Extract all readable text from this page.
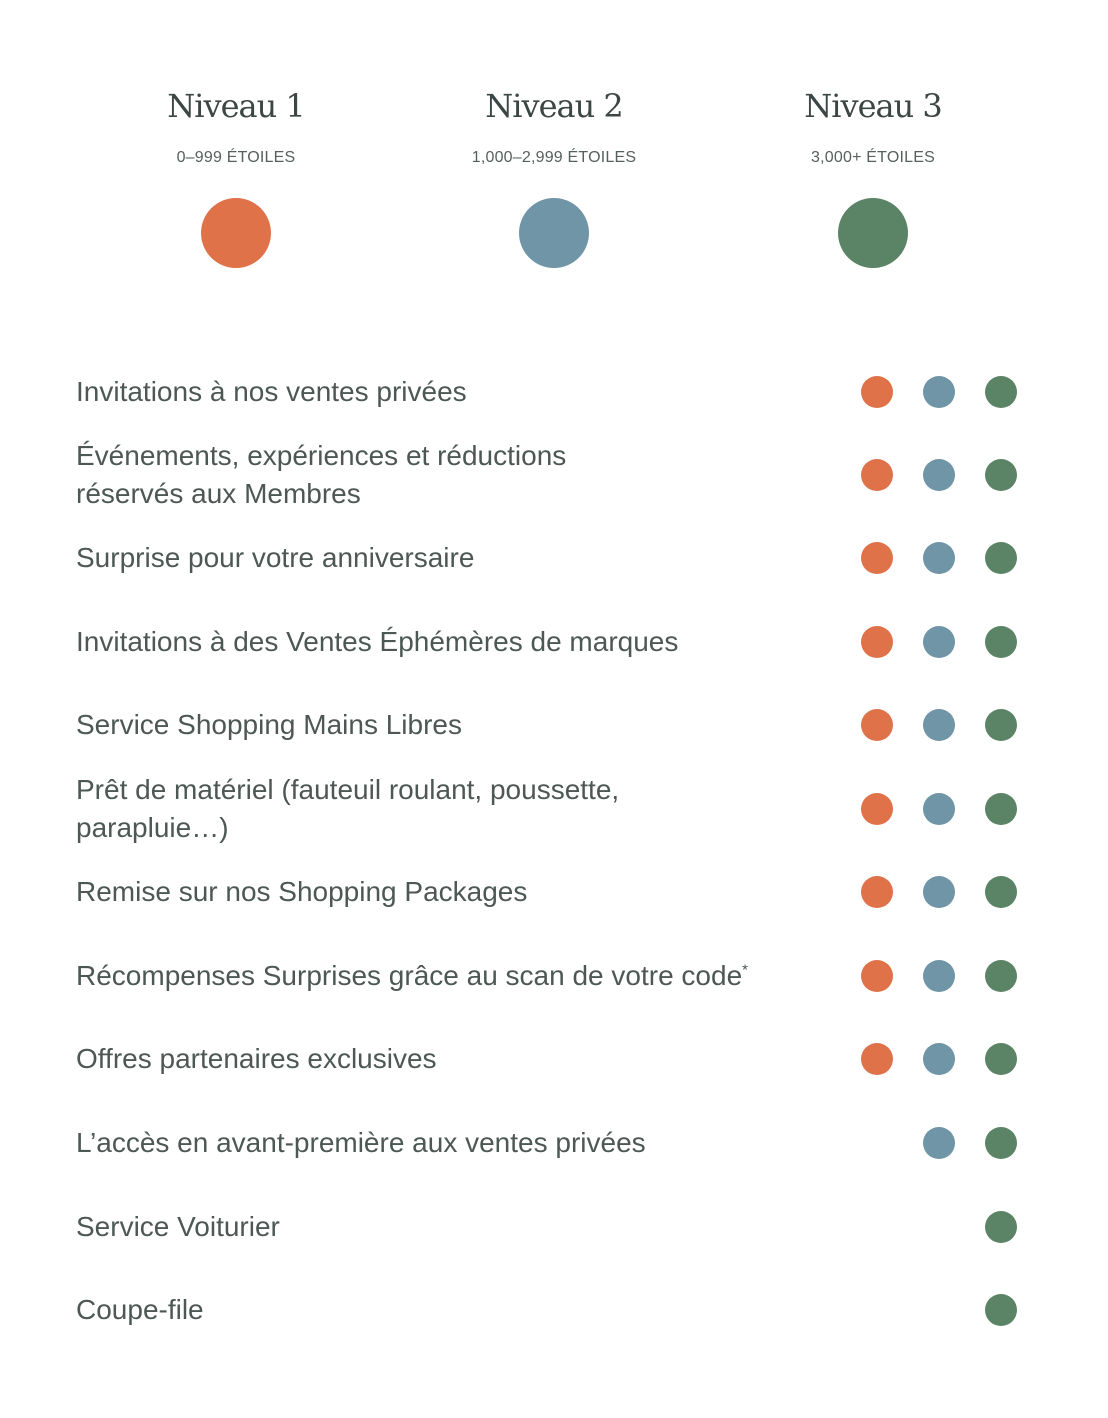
Niveau 1
0–999 ÉTOILES
Niveau 2
1,000–2,999 ÉTOILES
Niveau 3
3,000+ ÉTOILES
Invitations à nos ventes privées
Événements, expériences et réductions
réservés aux Membres
Surprise pour votre anniversaire
Invitations à des Ventes Éphémères de marques
Service Shopping Mains Libres
Prêt de matériel (fauteuil roulant, poussette,
parapluie…)
Remise sur nos Shopping Packages
Récompenses Surprises grâce au scan de votre code*
Offres partenaires exclusives
L’accès en avant-première aux ventes privées
Service Voiturier
Coupe-file
